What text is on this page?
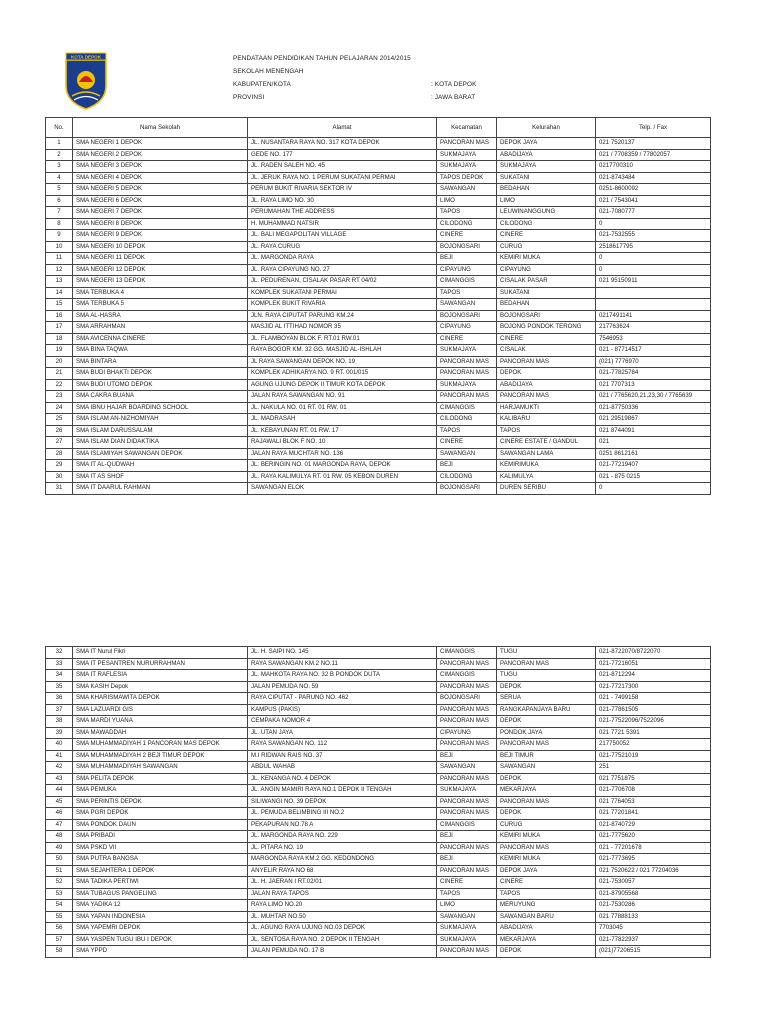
KOTA DEPOK	PENDATAAN PENDIDIKAN TAHUN PELAJARAN 2014/2015
SEKOLAH MENENGAH
KABUPATEN/KOTA	: KOTA DEPOK
PROVINSI	: JAWA BARAT
No.	Nama Sekolah	Alamat	Kecamatan	Kelurahan	Telp. / Fax
1	SMA NEGERI 1 DEPOK	JL. NUSANTARA RAYA NO. 317 KOTA DEPOK	PANCORAN MAS	DEPOK JAYA	021 7520137
2	SMA NEGERI 2 DEPOK	GEDE NO. 177	SUKMAJAYA	ABADIJAYA	021 / 7708359 / 77802057
3	SMA NEGERI 3 DEPOK	JL. RADEN SALEH NO. 45	SUKMAJAYA	SUKMAJAYA	0217700310
4	SMA NEGERI 4 DEPOK	JL. JERUK RAYA NO. 1 PERUM SUKATANI PERMAI	TAPOS DEPOK	SUKATANI	021-8743484
5	SMA NEGERI 5 DEPOK	PERUM BUKIT RIVARIA SEKTOR IV	SAWANGAN	BEDAHAN	0251-8600092
6	SMA NEGERI 6 DEPOK	JL. RAYA LIMO NO. 30	LIMO	LIMO	021 / 7543041
7	SMA NEGERI 7 DEPOK	PERUMAHAN THE ADDRESS	TAPOS	LEUWINANGGUNG	021-7080777
8	SMA NEGERI 8 DEPOK	H. MUHAMMAD NATSIR	CILODONG	CILODONG	0
9	SMA NEGERI 9 DEPOK	JL. BALI MEGAPOLITAN VILLAGE	CINERE	CINERE	021-7532555
10	SMA NEGERI 10 DEPOK	JL. RAYA CURUG	BOJONGSARI	CURUG	2518617795
11	SMA NEGERI 11 DEPOK	JL. MARGONDA RAYA	BEJI	KEMIRI MUKA	0
12	SMA NEGERI 12 DEPOK	JL. RAYA CIPAYUNG NO. 27	CIPAYUNG	CIPAYUNG	0
13	SMA NEGERI 13 DEPOK	JL. PEDURENAN, CISALAK PASAR RT 04/02	CIMANGGIS	CISALAK PASAR	021 95150911
14	SMA TERBUKA 4	KOMPLEK SUKATANI PERMAI	TAPOS	SUKATANI	
15	SMA TERBUKA 5	KOMPLEK BUKIT RIVARIA	SAWANGAN	BEDAHAN	
16	SMA AL-HASRA	JLN. RAYA CIPUTAT PARUNG KM.24	BOJONGSARI	BOJONGSARI	0217491141
17	SMA ARRAHMAN	MASJID AL ITTIHAD NOMOR 35	CIPAYUNG	BOJONG PONDOK TERONG	217763624
18	SMA AVICENNA CINERE	JL. FLAMBOYAN BLOK F. RT.01 RW.01	CINERE	CINERE	7546953
19	SMA BINA TAQWA	RAYA BOGOR KM. 32 GG. MASJID AL-ISHLAH	SUKMAJAYA	CISALAK	021 - 87714517
20	SMA BINTARA	JL RAYA SAWANGAN DEPOK NO. 19	PANCORAN MAS	PANCORAN MAS	(021) 7776970
21	SMA BUDI BHAKTI DEPOK	KOMPLEK ADHIKARYA NO. 9 RT. 001/015	PANCORAN MAS	DEPOK	021-77825784
22	SMA BUDI UTOMO DEPOK	AGUNG UJUNG DEPOK II TIMUR KOTA DEPOK	SUKMAJAYA	ABADIJAYA	021 7707313
23	SMA CAKRA BUANA	JALAN RAYA SAWANGAN NO. 91	PANCORAN MAS	PANCORAN MAS	021 / 7765620,21,23,30 / 7765639
24	SMA IBNU HAJAR BOARDING SCHOOL	JL. NAKULA NO. 01 RT. 01 RW. 01	CIMANGGIS	HARJAMUKTI	021-87750336
25	SMA ISLAM AN-NIZHOMIYAH	JL. MADRASAH	CILODONG	KALIBARU	021 29519867
26	SMA ISLAM DARUSSALAM	JL. KEBAYUNAN RT. 01 RW. 17	TAPOS	TAPOS	021 8744091
27	SMA ISLAM DIAN DIDAKTIKA	RAJAWALI BLOK F NO. 10	CINERE	CINERE ESTATE / GANDUL	021
28	SMA ISLAMIYAH SAWANGAN DEPOK	JALAN RAYA MUCHTAR NO. 136	SAWANGAN	SAWANGAN LAMA	0251 8612161
29	SMA IT AL-QUDWAH	JL. BERINGIN NO. 01 MARGONDA RAYA, DEPOK	BEJI	KEMIRIMUKA	021-77219407
30	SMA IT AS SHOF	JL. RAYA KALIMULYA RT. 01 RW. 05 KEBON DUREN	CILODONG	KALIMULYA	021 - 875 0215
31	SMA IT DAARUL RAHMAN	SAWANGAN ELOK	BOJONGSARI	DUREN SERIBU	0
32	SMA IT Nurul Fikri	JL. H. SAIPI NO. 145	CIMANGGIS	TUGU	021-8722070/8722070
33	SMA IT PESANTREN NURURRAHMAN	RAYA SAWANGAN KM.2 NO.11	PANCORAN MAS	PANCORAN MAS	021-77216051
34	SMA IT RAFLESIA	JL. MAHKOTA RAYA NO. 32 B PONDOK DUTA	CIMANGGIS	TUGU	021-8712294
35	SMA KASIH Depok	JALAN PEMUDA NO. 59	PANCORAN MAS	DEPOK	021-77217300
36	SMA KHARISMAWITA DEPOK	RAYA CIPUTAT - PARUNG NO. 462	BOJONGSARI	SERUA	021 - 7499158
37	SMA LAZUARDI GIS	KAMPUS (PAKIS)	PANCORAN MAS	RANGKAPANJAYA BARU	021-77861505
38	SMA MARDI YUANA	CEMPAKA NOMOR 4	PANCORAN MAS	DEPOK	021-77522096/7522096
39	SMA MAWADDAH	JL. UTAN JAYA	CIPAYUNG	PONDOK JAYA	021 7721 5391
40	SMA MUHAMMADIYAH 1 PANCORAN MAS DEPOK	RAYA SAWANGAN NO. 112	PANCORAN MAS	PANCORAN MAS	217750052
41	SMA MUHAMMADIYAH 2 BEJI TIMUR DEPOK	M.I RIDWAN RAIS NO. 37	BEJI	BEJI TIMUR	021-77521019
42	SMA MUHAMMADIYAH SAWANGAN	ABDUL WAHAB	SAWANGAN	SAWANGAN	251
43	SMA PELITA DEPOK	JL. KENANGA NO. 4 DEPOK	PANCORAN MAS	DEPOK	021 7751875
44	SMA PEMUKA	JL. ANGIN MAMIRI RAYA NO.1 DEPOK II TENGAH	SUKMAJAYA	MEKARJAYA	021-7706708
45	SMA PERINTIS DEPOK	SILIWANGI NO. 39 DEPOK	PANCORAN MAS	PANCORAN MAS	021 7764053
46	SMA PGRI DEPOK	JL. PEMUDA BELIMBING III NO.2	PANCORAN MAS	DEPOK	021 77201841
47	SMA PONDOK DAUN	PEKAPURAN NO.78 A	CIMANGGIS	CURUG	021-8740729
48	SMA PRIBADI	JL. MARGONDA RAYA NO. 229	BEJI	KEMIRI MUKA	021-7775620
49	SMA PSKD VII	JL. PITARA NO. 19	PANCORAN MAS	PANCORAN MAS	021 - 77201678
50	SMA PUTRA BANGSA	MARGONDA RAYA KM.2 GG. KEDONDONG	BEJI	KEMIRI MUKA	021-7773695
51	SMA SEJAHTERA 1 DEPOK	ANYELIR RAYA NO 68	PANCORAN MAS	DEPOK JAYA	021 7520622 / 021 77204036
52	SMA TADIKA PERTIWI	JL. H. JAERAN I RT.02/01	CINERE	CINERE	021-7530057
53	SMA TUBAGUS PANGELING	JALAN RAYA TAPOS	TAPOS	TAPOS	021-87905568
54	SMA YADIKA 12	RAYA LIMO NO.20	LIMO	MERUYUNG	021-7530286
55	SMA YAPAN INDONESIA	JL. MUHTAR NO.50	SAWANGAN	SAWANGAN BARU	021 77888133
56	SMA YAPEMRI DEPOK	JL. AGUNG RAYA UJUNG NO.03 DEPOK	SUKMAJAYA	ABADIJAYA	7703045
57	SMA YASPEN TUGU IBU I DEPOK	JL. SENTOSA RAYA NO. 2 DEPOK II TENGAH	SUKMAJAYA	MEKARJAYA	021-77822937
58	SMA YPPD	JALAN PEMUDA NO. 17 B	PANCORAN MAS	DEPOK	(021)77206515
